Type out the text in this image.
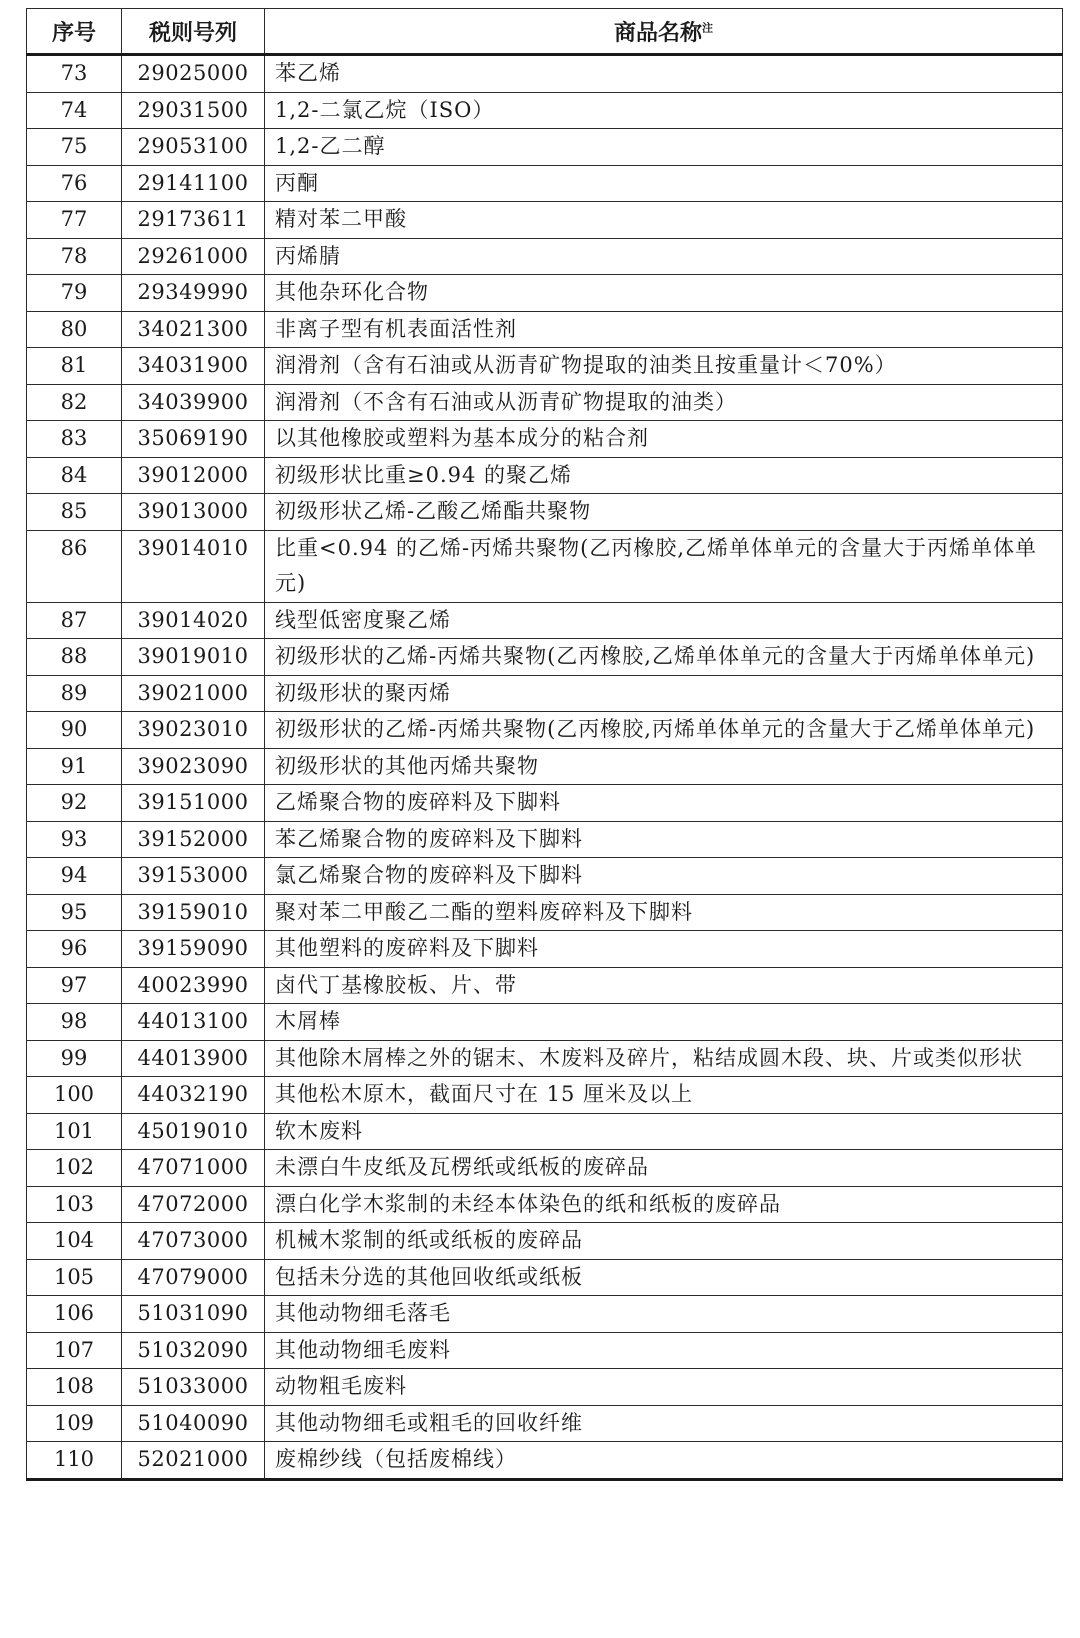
序号	税则号列	商品名称$^注$
73	29025000	苯乙烯
74	29031500	1,2-二氯乙烷（ISO）
75	29053100	1,2-乙二醇
76	29141100	丙酮
77	29173611	精对苯二甲酸
78	29261000	丙烯腈
79	29349990	其他杂环化合物
80	34021300	非离子型有机表面活性剂
81	34031900	润滑剂（含有石油或从沥青矿物提取的油类且按重量计＜70%）
82	34039900	润滑剂（不含有石油或从沥青矿物提取的油类）
83	35069190	以其他橡胶或塑料为基本成分的粘合剂
84	39012000	初级形状比重≥0.94 的聚乙烯
85	39013000	初级形状乙烯-乙酸乙烯酯共聚物
86	39014010	比重<0.94 的乙烯-丙烯共聚物(乙丙橡胶,乙烯单体单元的含量大于丙烯单体单元)
87	39014020	线型低密度聚乙烯
88	39019010	初级形状的乙烯-丙烯共聚物(乙丙橡胶,乙烯单体单元的含量大于丙烯单体单元)
89	39021000	初级形状的聚丙烯
90	39023010	初级形状的乙烯-丙烯共聚物(乙丙橡胶,丙烯单体单元的含量大于乙烯单体单元)
91	39023090	初级形状的其他丙烯共聚物
92	39151000	乙烯聚合物的废碎料及下脚料
93	39152000	苯乙烯聚合物的废碎料及下脚料
94	39153000	氯乙烯聚合物的废碎料及下脚料
95	39159010	聚对苯二甲酸乙二酯的塑料废碎料及下脚料
96	39159090	其他塑料的废碎料及下脚料
97	40023990	卤代丁基橡胶板、片、带
98	44013100	木屑棒
99	44013900	其他除木屑棒之外的锯末、木废料及碎片，粘结成圆木段、块、片或类似形状
100	44032190	其他松木原木，截面尺寸在 15 厘米及以上
101	45019010	软木废料
102	47071000	未漂白牛皮纸及瓦楞纸或纸板的废碎品
103	47072000	漂白化学木浆制的未经本体染色的纸和纸板的废碎品
104	47073000	机械木浆制的纸或纸板的废碎品
105	47079000	包括未分选的其他回收纸或纸板
106	51031090	其他动物细毛落毛
107	51032090	其他动物细毛废料
108	51033000	动物粗毛废料
109	51040090	其他动物细毛或粗毛的回收纤维
110	52021000	废棉纱线（包括废棉线）
